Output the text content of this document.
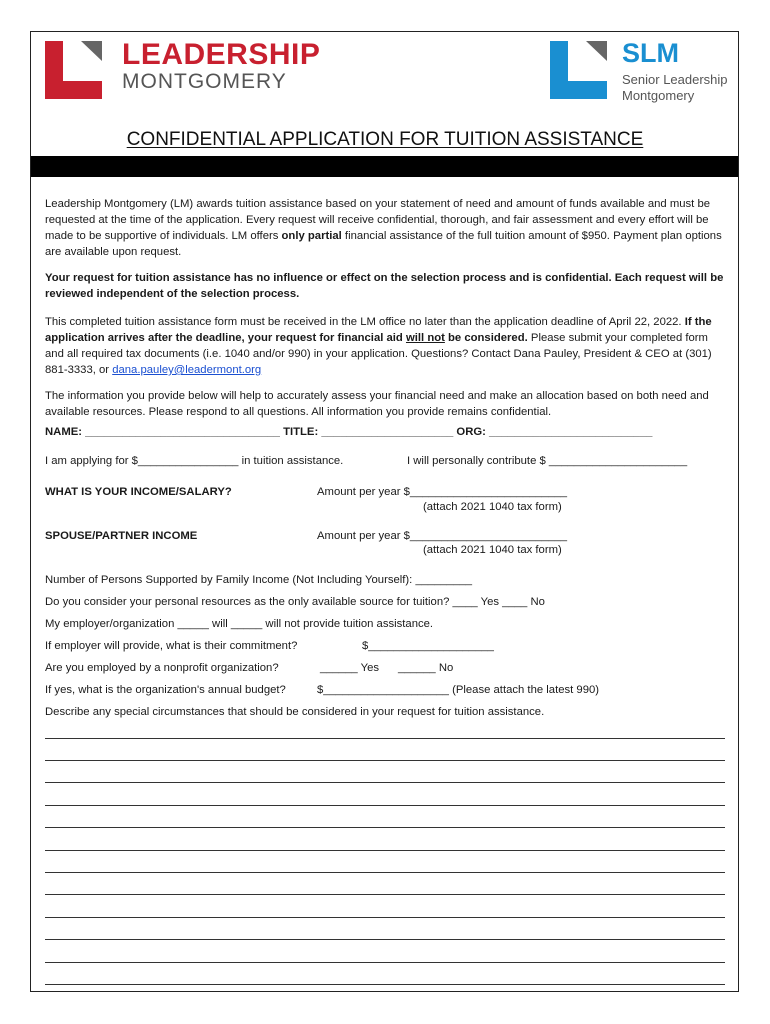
LEADERSHIP
MONTGOMERY
SLM
Senior Leadership
Montgomery
CONFIDENTIAL APPLICATION FOR TUITION ASSISTANCE
Leadership Montgomery (LM) awards tuition assistance based on your statement of need and amount of funds available and must be requested at the time of the application. Every request will receive confidential, thorough, and fair assessment and every effort will be made to be supportive of individuals. LM offers only partial financial assistance of the full tuition amount of $950. Payment plan options are available upon request.
Your request for tuition assistance has no influence or effect on the selection process and is confidential. Each request will be reviewed independent of the selection process.
This completed tuition assistance form must be received in the LM office no later than the application deadline of April 22, 2022. If the application arrives after the deadline, your request for financial aid will not be considered. Please submit your completed form and all required tax documents (i.e. 1040 and/or 990) in your application. Questions? Contact Dana Pauley, President & CEO at (301) 881-3333, or dana.pauley@leadermont.org
The information you provide below will help to accurately assess your financial need and make an allocation based on both need and available resources. Please respond to all questions. All information you provide remains confidential.
NAME: _______________________________ TITLE: _____________________ ORG: __________________________
I am applying for $________________ in tuition assistance.	I will personally contribute $ ______________________
WHAT IS YOUR INCOME/SALARY?	Amount per year $_________________________
(attach 2021 1040 tax form)
SPOUSE/PARTNER INCOME	Amount per year $_________________________
(attach 2021 1040 tax form)
Number of Persons Supported by Family Income (Not Including Yourself): _________
Do you consider your personal resources as the only available source for tuition? ____ Yes ____ No
My employer/organization _____ will _____ will not provide tuition assistance.
If employer will provide, what is their commitment?	$____________________
Are you employed by a nonprofit organization?	______ Yes ______ No
If yes, what is the organization's annual budget?	$____________________ (Please attach the latest 990)
Describe any special circumstances that should be considered in your request for tuition assistance.
